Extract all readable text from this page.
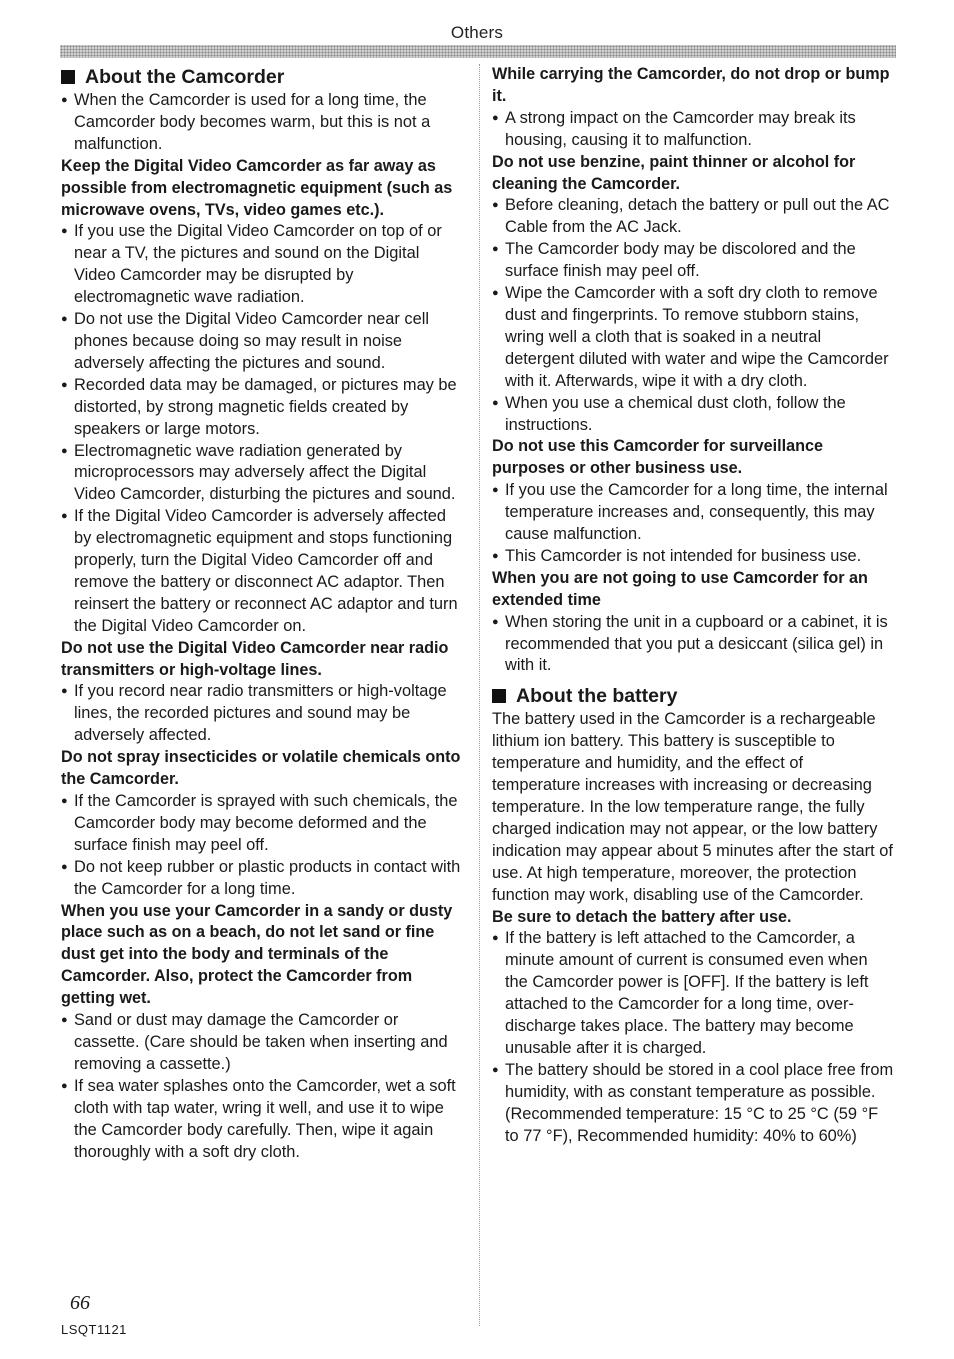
Others
About the Camcorder
● When the Camcorder is used for a long time, the Camcorder body becomes warm, but this is not a malfunction.
Keep the Digital Video Camcorder as far away as possible from electromagnetic equipment (such as microwave ovens, TVs, video games etc.).
● If you use the Digital Video Camcorder on top of or near a TV, the pictures and sound on the Digital Video Camcorder may be disrupted by electromagnetic wave radiation.
● Do not use the Digital Video Camcorder near cell phones because doing so may result in noise adversely affecting the pictures and sound.
● Recorded data may be damaged, or pictures may be distorted, by strong magnetic fields created by speakers or large motors.
● Electromagnetic wave radiation generated by microprocessors may adversely affect the Digital Video Camcorder, disturbing the pictures and sound.
● If the Digital Video Camcorder is adversely affected by electromagnetic equipment and stops functioning properly, turn the Digital Video Camcorder off and remove the battery or disconnect AC adaptor. Then reinsert the battery or reconnect AC adaptor and turn the Digital Video Camcorder on.
Do not use the Digital Video Camcorder near radio transmitters or high-voltage lines.
● If you record near radio transmitters or high-voltage lines, the recorded pictures and sound may be adversely affected.
Do not spray insecticides or volatile chemicals onto the Camcorder.
● If the Camcorder is sprayed with such chemicals, the Camcorder body may become deformed and the surface finish may peel off.
● Do not keep rubber or plastic products in contact with the Camcorder for a long time.
When you use your Camcorder in a sandy or dusty place such as on a beach, do not let sand or fine dust get into the body and terminals of the Camcorder. Also, protect the Camcorder from getting wet.
● Sand or dust may damage the Camcorder or cassette. (Care should be taken when inserting and removing a cassette.)
● If sea water splashes onto the Camcorder, wet a soft cloth with tap water, wring it well, and use it to wipe the Camcorder body carefully. Then, wipe it again thoroughly with a soft dry cloth.
While carrying the Camcorder, do not drop or bump it.
● A strong impact on the Camcorder may break its housing, causing it to malfunction.
Do not use benzine, paint thinner or alcohol for cleaning the Camcorder.
● Before cleaning, detach the battery or pull out the AC Cable from the AC Jack.
● The Camcorder body may be discolored and the surface finish may peel off.
● Wipe the Camcorder with a soft dry cloth to remove dust and fingerprints. To remove stubborn stains, wring well a cloth that is soaked in a neutral detergent diluted with water and wipe the Camcorder with it. Afterwards, wipe it with a dry cloth.
● When you use a chemical dust cloth, follow the instructions.
Do not use this Camcorder for surveillance purposes or other business use.
● If you use the Camcorder for a long time, the internal temperature increases and, consequently, this may cause malfunction.
● This Camcorder is not intended for business use.
When you are not going to use Camcorder for an extended time
● When storing the unit in a cupboard or a cabinet, it is recommended that you put a desiccant (silica gel) in with it.
About the battery
The battery used in the Camcorder is a rechargeable lithium ion battery. This battery is susceptible to temperature and humidity, and the effect of temperature increases with increasing or decreasing temperature. In the low temperature range, the fully charged indication may not appear, or the low battery indication may appear about 5 minutes after the start of use. At high temperature, moreover, the protection function may work, disabling use of the Camcorder.
Be sure to detach the battery after use.
● If the battery is left attached to the Camcorder, a minute amount of current is consumed even when the Camcorder power is [OFF]. If the battery is left attached to the Camcorder for a long time, over-discharge takes place. The battery may become unusable after it is charged.
● The battery should be stored in a cool place free from humidity, with as constant temperature as possible. (Recommended temperature: 15 °C to 25 °C (59 °F to 77 °F), Recommended humidity: 40% to 60%)
66
LSQT1121
